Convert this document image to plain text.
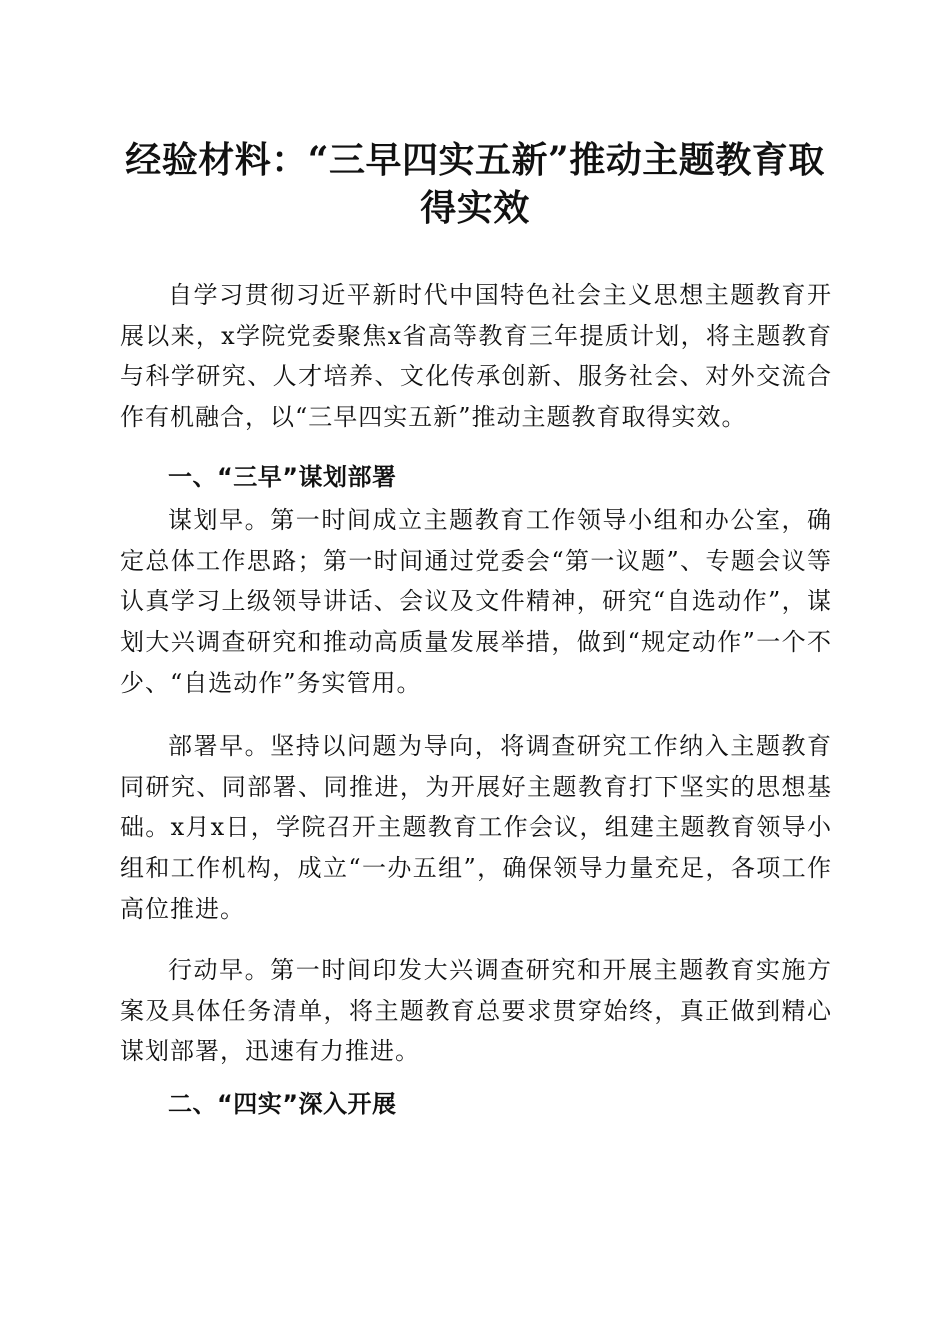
经验材料：“三早四实五新”推动主题教育取得实效

自学习贯彻习近平新时代中国特色社会主义思想主题教育开展以来，x学院党委聚焦x省高等教育三年提质计划，将主题教育与科学研究、人才培养、文化传承创新、服务社会、对外交流合作有机融合，以“三早四实五新”推动主题教育取得实效。

一、“三早”谋划部署

谋划早。第一时间成立主题教育工作领导小组和办公室，确定总体工作思路；第一时间通过党委会“第一议题”、专题会议等认真学习上级领导讲话、会议及文件精神，研究“自选动作”，谋划大兴调查研究和推动高质量发展举措，做到“规定动作”一个不少、“自选动作”务实管用。

部署早。坚持以问题为导向，将调查研究工作纳入主题教育同研究、同部署、同推进，为开展好主题教育打下坚实的思想基础。x月x日，学院召开主题教育工作会议，组建主题教育领导小组和工作机构，成立“一办五组”，确保领导力量充足，各项工作高位推进。

行动早。第一时间印发大兴调查研究和开展主题教育实施方案及具体任务清单，将主题教育总要求贯穿始终，真正做到精心谋划部署，迅速有力推进。

二、“四实”深入开展
